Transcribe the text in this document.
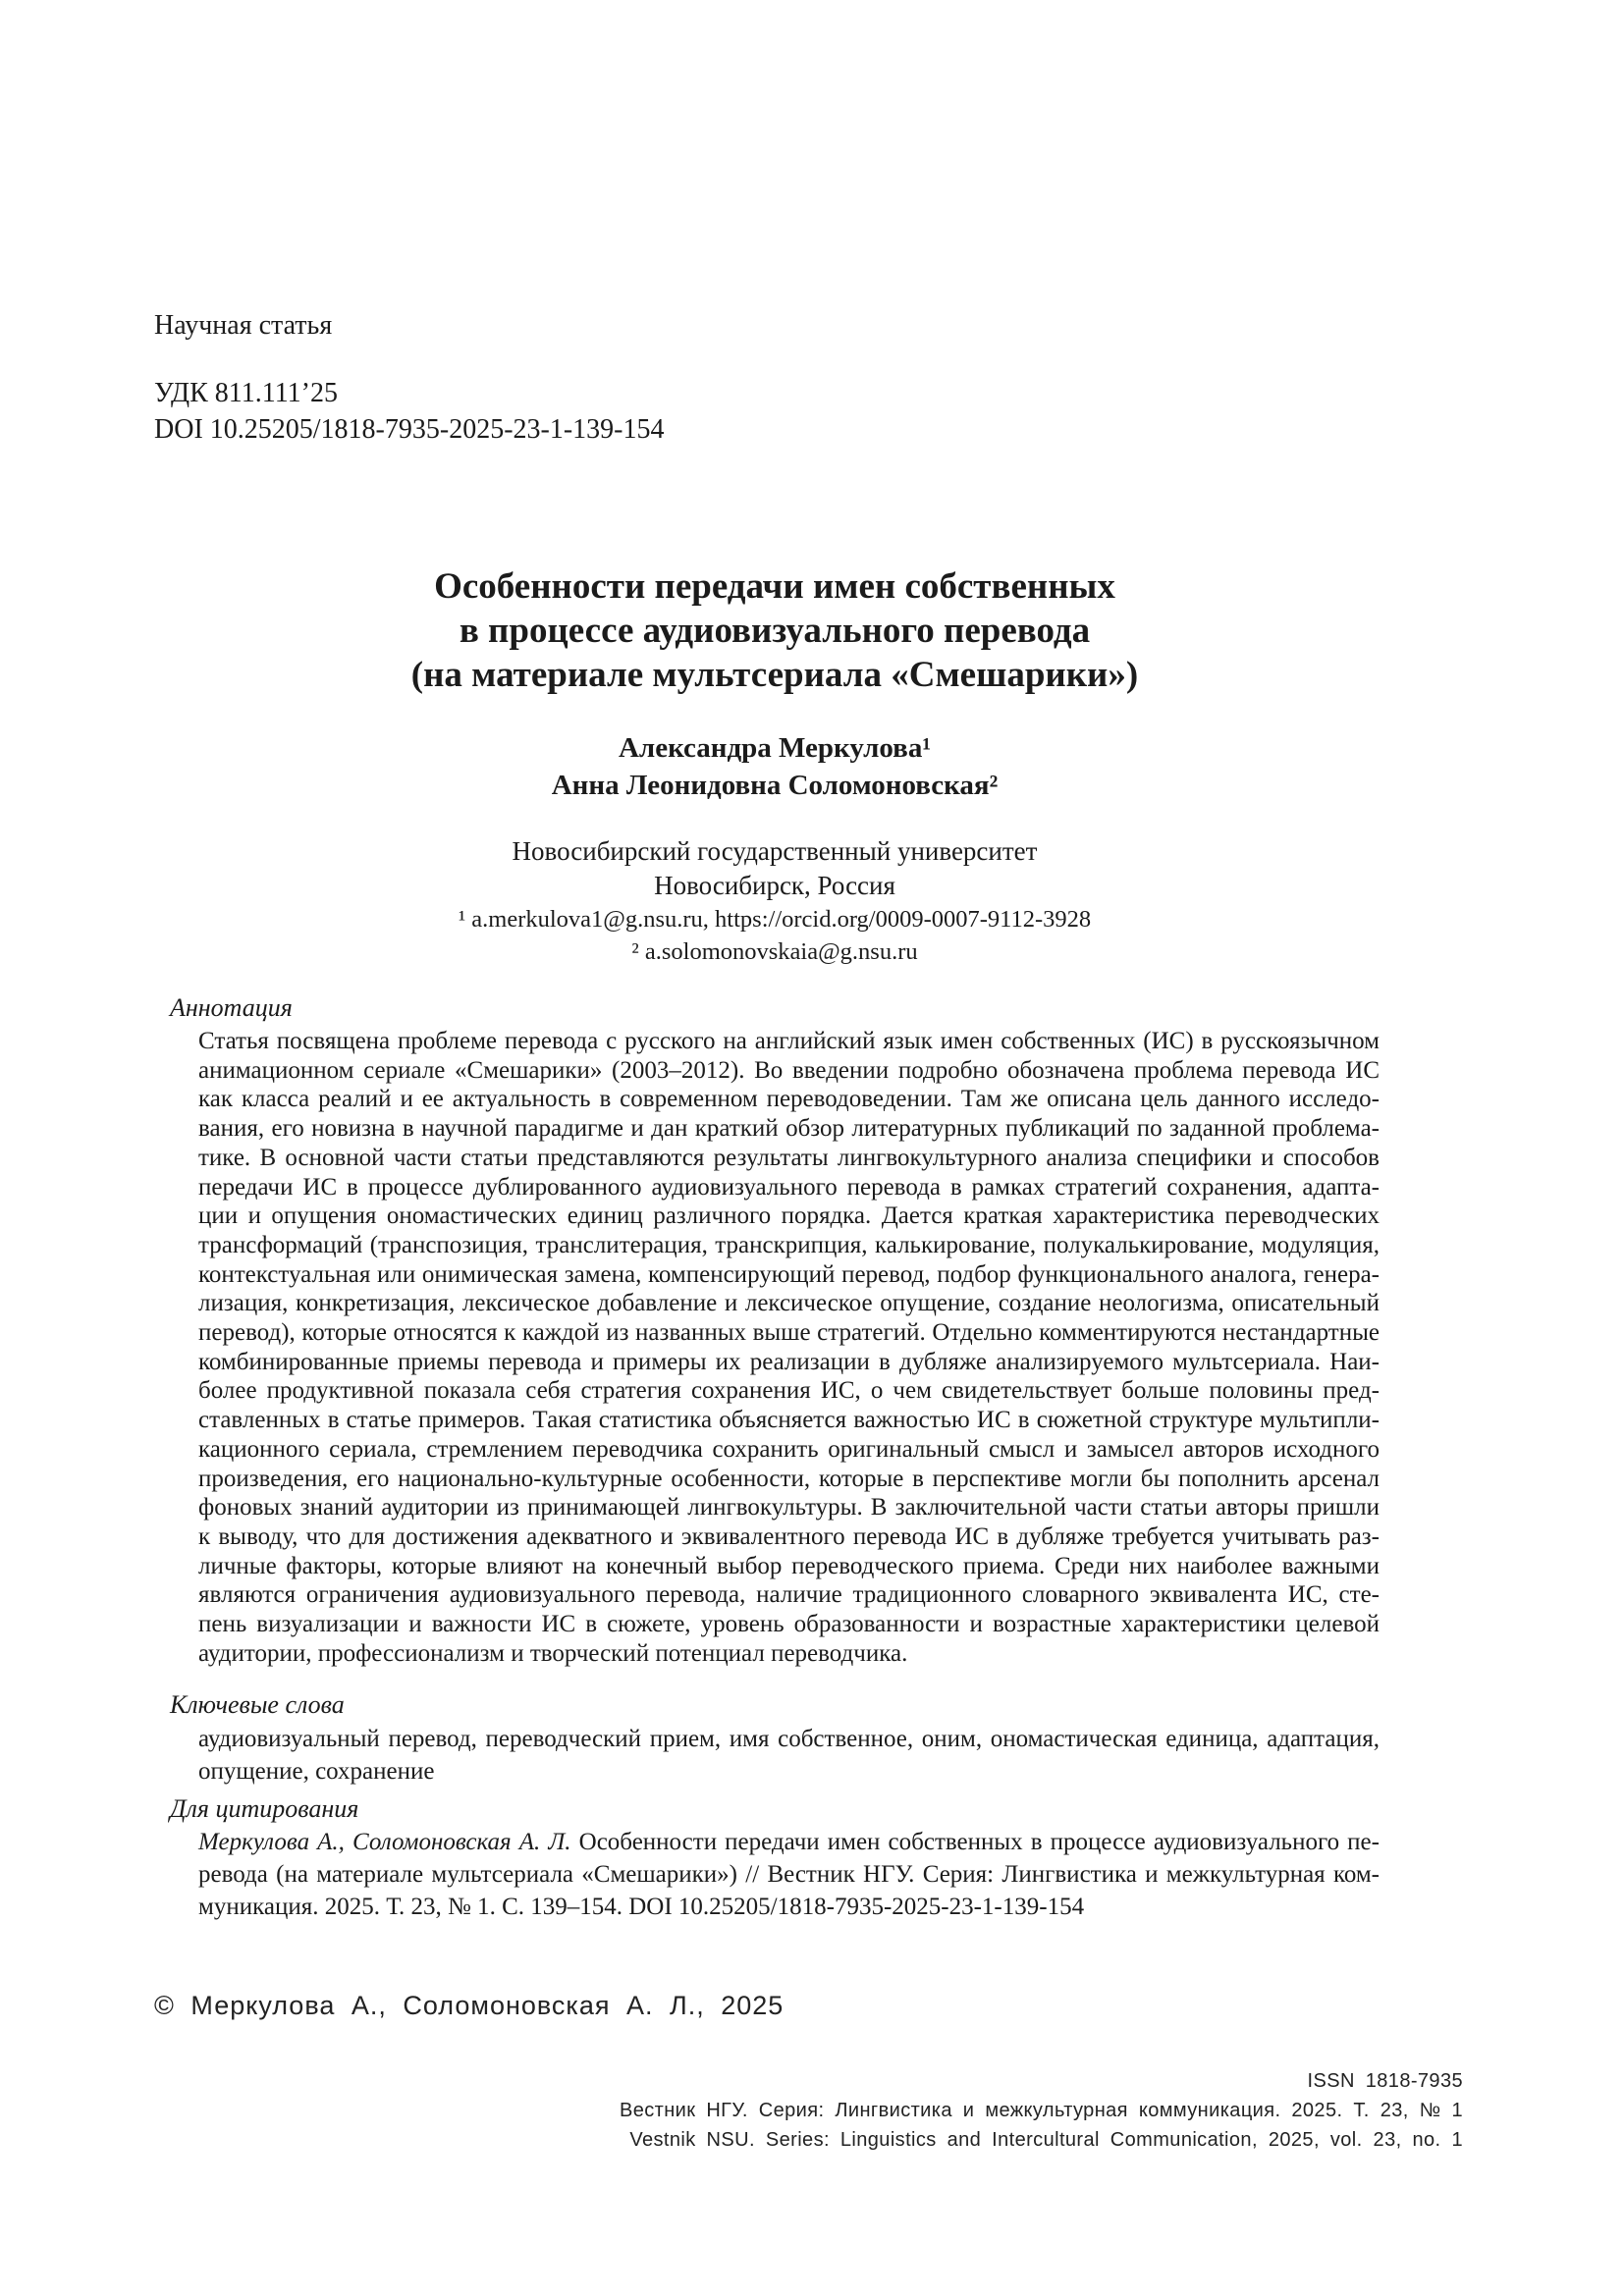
Научная статья
УДК 811.111’25
DOI 10.25205/1818-7935-2025-23-1-139-154
Особенности передачи имен собственных
в процессе аудиовизуального перевода
(на материале мультсериала «Смешарики»)
Александра Меркулова¹
Анна Леонидовна Соломоновская²
Новосибирский государственный университет
Новосибирск, Россия
¹ a.merkulova1@g.nsu.ru, https://orcid.org/0009-0007-9112-3928
² a.solomonovskaia@g.nsu.ru
Аннотация
Статья посвящена проблеме перевода с русского на английский язык имен собственных (ИС) в русскоязычном
анимационном сериале «Смешарики» (2003–2012). Во введении подробно обозначена проблема перевода ИС
как класса реалий и ее актуальность в современном переводоведении. Там же описана цель данного исследо-
вания, его новизна в научной парадигме и дан краткий обзор литературных публикаций по заданной проблема-
тике. В основной части статьи представляются результаты лингвокультурного анализа специфики и способов
передачи ИС в процессе дублированного аудиовизуального перевода в рамках стратегий сохранения, адапта-
ции и опущения ономастических единиц различного порядка. Дается краткая характеристика переводческих
трансформаций (транспозиция, транслитерация, транскрипция, калькирование, полукалькирование, модуляция,
контекстуальная или онимическая замена, компенсирующий перевод, подбор функционального аналога, генера-
лизация, конкретизация, лексическое добавление и лексическое опущение, создание неологизма, описательный
перевод), которые относятся к каждой из названных выше стратегий. Отдельно комментируются нестандартные
комбинированные приемы перевода и примеры их реализации в дубляже анализируемого мультсериала. Наи-
более продуктивной показала себя стратегия сохранения ИС, о чем свидетельствует больше половины пред-
ставленных в статье примеров. Такая статистика объясняется важностью ИС в сюжетной структуре мультипли-
кационного сериала, стремлением переводчика сохранить оригинальный смысл и замысел авторов исходного
произведения, его национально-культурные особенности, которые в перспективе могли бы пополнить арсенал
фоновых знаний аудитории из принимающей лингвокультуры. В заключительной части статьи авторы пришли
к выводу, что для достижения адекватного и эквивалентного перевода ИС в дубляже требуется учитывать раз-
личные факторы, которые влияют на конечный выбор переводческого приема. Среди них наиболее важными
являются ограничения аудиовизуального перевода, наличие традиционного словарного эквивалента ИС, сте-
пень визуализации и важности ИС в сюжете, уровень образованности и возрастные характеристики целевой
аудитории, профессионализм и творческий потенциал переводчика.
Ключевые слова
аудиовизуальный перевод, переводческий прием, имя собственное, оним, ономастическая единица, адаптация,
опущение, сохранение
Для цитирования
Меркулова А., Соломоновская А. Л. Особенности передачи имен собственных в процессе аудиовизуального пе-
ревода (на материале мультсериала «Смешарики») // Вестник НГУ. Серия: Лингвистика и межкультурная ком-
муникация. 2025. Т. 23, № 1. С. 139–154. DOI 10.25205/1818-7935-2025-23-1-139-154
© Меркулова А., Соломоновская А. Л., 2025
ISSN 1818-7935
Вестник НГУ. Серия: Лингвистика и межкультурная коммуникация. 2025. Т. 23, № 1
Vestnik NSU. Series: Linguistics and Intercultural Communication, 2025, vol. 23, no. 1
